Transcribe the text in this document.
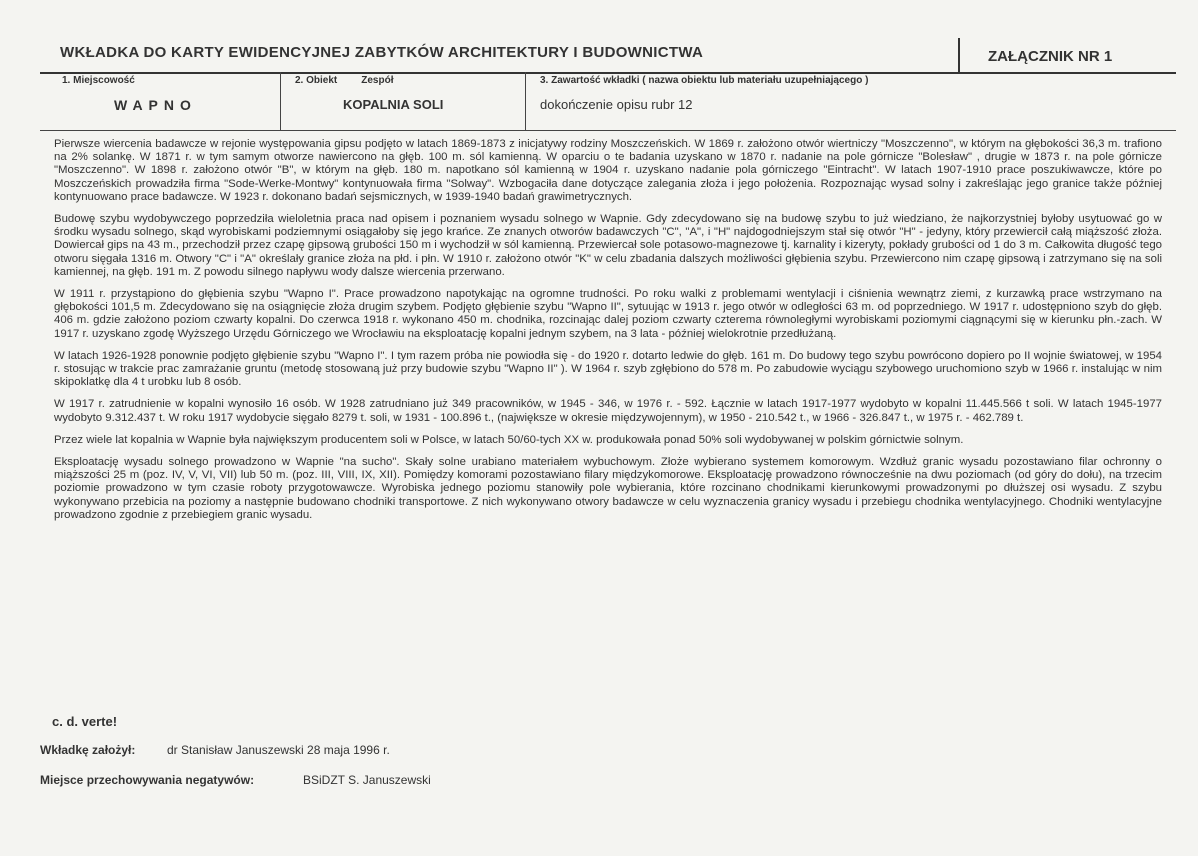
WKŁADKA DO KARTY EWIDENCYJNEJ ZABYTKÓW ARCHITEKTURY I BUDOWNICTWA	ZAŁĄCZNIK NR 1
1. Miejscowość
WAPNO
2. Obiekt Zespół
KOPALNIA SOLI
3. Zawartość wkładki ( nazwa obiektu lub materiału uzupełniającego )
dokończenie opisu rubr 12

Pierwsze wiercenia badawcze w rejonie występowania gipsu podjęto w latach 1869-1873 z inicjatywy rodziny Moszczeńskich. W 1869 r. założono otwór wiertniczy "Moszczenno", w którym na głębokości 36,3 m. trafiono na 2% solankę. W 1871 r. w tym samym otworze nawiercono na głęb. 100 m. sól kamienną. W oparciu o te badania uzyskano w 1870 r. nadanie na pole górnicze "Bolesław" , drugie w 1873 r. na pole górnicze "Moszczenno". W 1898 r. założono otwór "B", w którym na głęb. 180 m. napotkano sól kamienną w 1904 r. uzyskano nadanie pola górniczego "Eintracht". W latach 1907-1910 prace poszukiwawcze, które po Moszczeńskich prowadziła firma "Sode-Werke-Montwy" kontynuowała firma "Solway". Wzbogaciła dane dotyczące zalegania złoża i jego położenia. Rozpoznając wysad solny i zakreślając jego granice także później kontynuowano prace badawcze. W 1923 r. dokonano badań sejsmicznych, w 1939-1940 badań grawimetrycznych.

Budowę szybu wydobywczego poprzedziła wieloletnia praca nad opisem i poznaniem wysadu solnego w Wapnie. Gdy zdecydowano się na budowę szybu to już wiedziano, że najkorzystniej byłoby usytuować go w środku wysadu solnego, skąd wyrobiskami podziemnymi osiągałoby się jego krańce. Ze znanych otworów badawczych "C", "A", i "H" najdogodniejszym stał się otwór "H" - jedyny, który przewiercił całą miąższość złoża. Dowiercał gips na 43 m., przechodził przez czapę gipsową grubości 150 m i wychodził w sól kamienną. Przewiercał sole potasowo-magnezowe tj. karnality i kizeryty, pokłady grubości od 1 do 3 m. Całkowita długość tego otworu sięgała 1316 m. Otwory "C" i "A" określały granice złoża na płd. i płn. W 1910 r. założono otwór "K" w celu zbadania dalszych możliwości głębienia szybu. Przewiercono nim czapę gipsową i zatrzymano się na soli kamiennej, na głęb. 191 m. Z powodu silnego napływu wody dalsze wiercenia przerwano.

W 1911 r. przystąpiono do głębienia szybu "Wapno I". Prace prowadzono napotykając na ogromne trudności. Po roku walki z problemami wentylacji i ciśnienia wewnątrz ziemi, z kurzawką prace wstrzymano na głębokości 101,5 m. Zdecydowano się na osiągnięcie złoża drugim szybem. Podjęto głębienie szybu "Wapno II", sytuując w 1913 r. jego otwór w odległości 63 m. od poprzedniego. W 1917 r. udostępniono szyb do głęb. 406 m. gdzie założono poziom czwarty kopalni. Do czerwca 1918 r. wykonano 450 m. chodnika, rozcinając dalej poziom czwarty czterema równoległymi wyrobiskami poziomymi ciągnącymi się w kierunku płn.-zach. W 1917 r. uzyskano zgodę Wyższego Urzędu Górniczego we Wrocławiu na eksploatację kopalni jednym szybem, na 3 lata - później wielokrotnie przedłużaną.

W latach 1926-1928 ponownie podjęto głębienie szybu "Wapno I". I tym razem próba nie powiodła się - do 1920 r. dotarto ledwie do głęb. 161 m. Do budowy tego szybu powrócono dopiero po II wojnie światowej, w 1954 r. stosując w trakcie prac zamrażanie gruntu (metodę stosowaną już przy budowie szybu "Wapno II" ). W 1964 r. szyb zgłębiono do 578 m. Po zabudowie wyciągu szybowego uruchomiono szyb w 1966 r. instalując w nim skipoklatkę dla 4 t urobku lub 8 osób.

W 1917 r. zatrudnienie w kopalni wynosiło 16 osób. W 1928 zatrudniano już 349 pracowników, w 1945 - 346, w 1976 r. - 592. Łącznie w latach 1917-1977 wydobyto w kopalni 11.445.566 t soli. W latach 1945-1977 wydobyto 9.312.437 t. W roku 1917 wydobycie sięgało 8279 t. soli, w 1931 - 100.896 t., (największe w okresie międzywojennym), w 1950 - 210.542 t., w 1966 - 326.847 t., w 1975 r. - 462.789 t.

Przez wiele lat kopalnia w Wapnie była największym producentem soli w Polsce, w latach 50/60-tych XX w. produkowała ponad 50% soli wydobywanej w polskim górnictwie solnym.

Eksploatację wysadu solnego prowadzono w Wapnie "na sucho". Skały solne urabiano materiałem wybuchowym. Złoże wybierano systemem komorowym. Wzdłuż granic wysadu pozostawiano filar ochronny o miąższości 25 m (poz. IV, V, VI, VII) lub 50 m. (poz. III, VIII, IX, XII). Pomiędzy komorami pozostawiano filary międzykomorowe. Eksploatację prowadzono równocześnie na dwu poziomach (od góry do dołu), na trzecim poziomie prowadzono w tym czasie roboty przygotowawcze. Wyrobiska jednego poziomu stanowiły pole wybierania, które rozcinano chodnikami kierunkowymi prowadzonymi po dłuższej osi wysadu. Z szybu wykonywano przebicia na poziomy a następnie budowano chodniki transportowe. Z nich wykonywano otwory badawcze w celu wyznaczenia granicy wysadu i przebiegu chodnika wentylacyjnego. Chodniki wentylacyjne prowadzono zgodnie z przebiegiem granic wysadu.

c. d. verte!
Wkładkę założył:	dr Stanisław Januszewski 28 maja 1996 r.
Miejsce przechowywania negatywów:	BSiDZT S. Januszewski
